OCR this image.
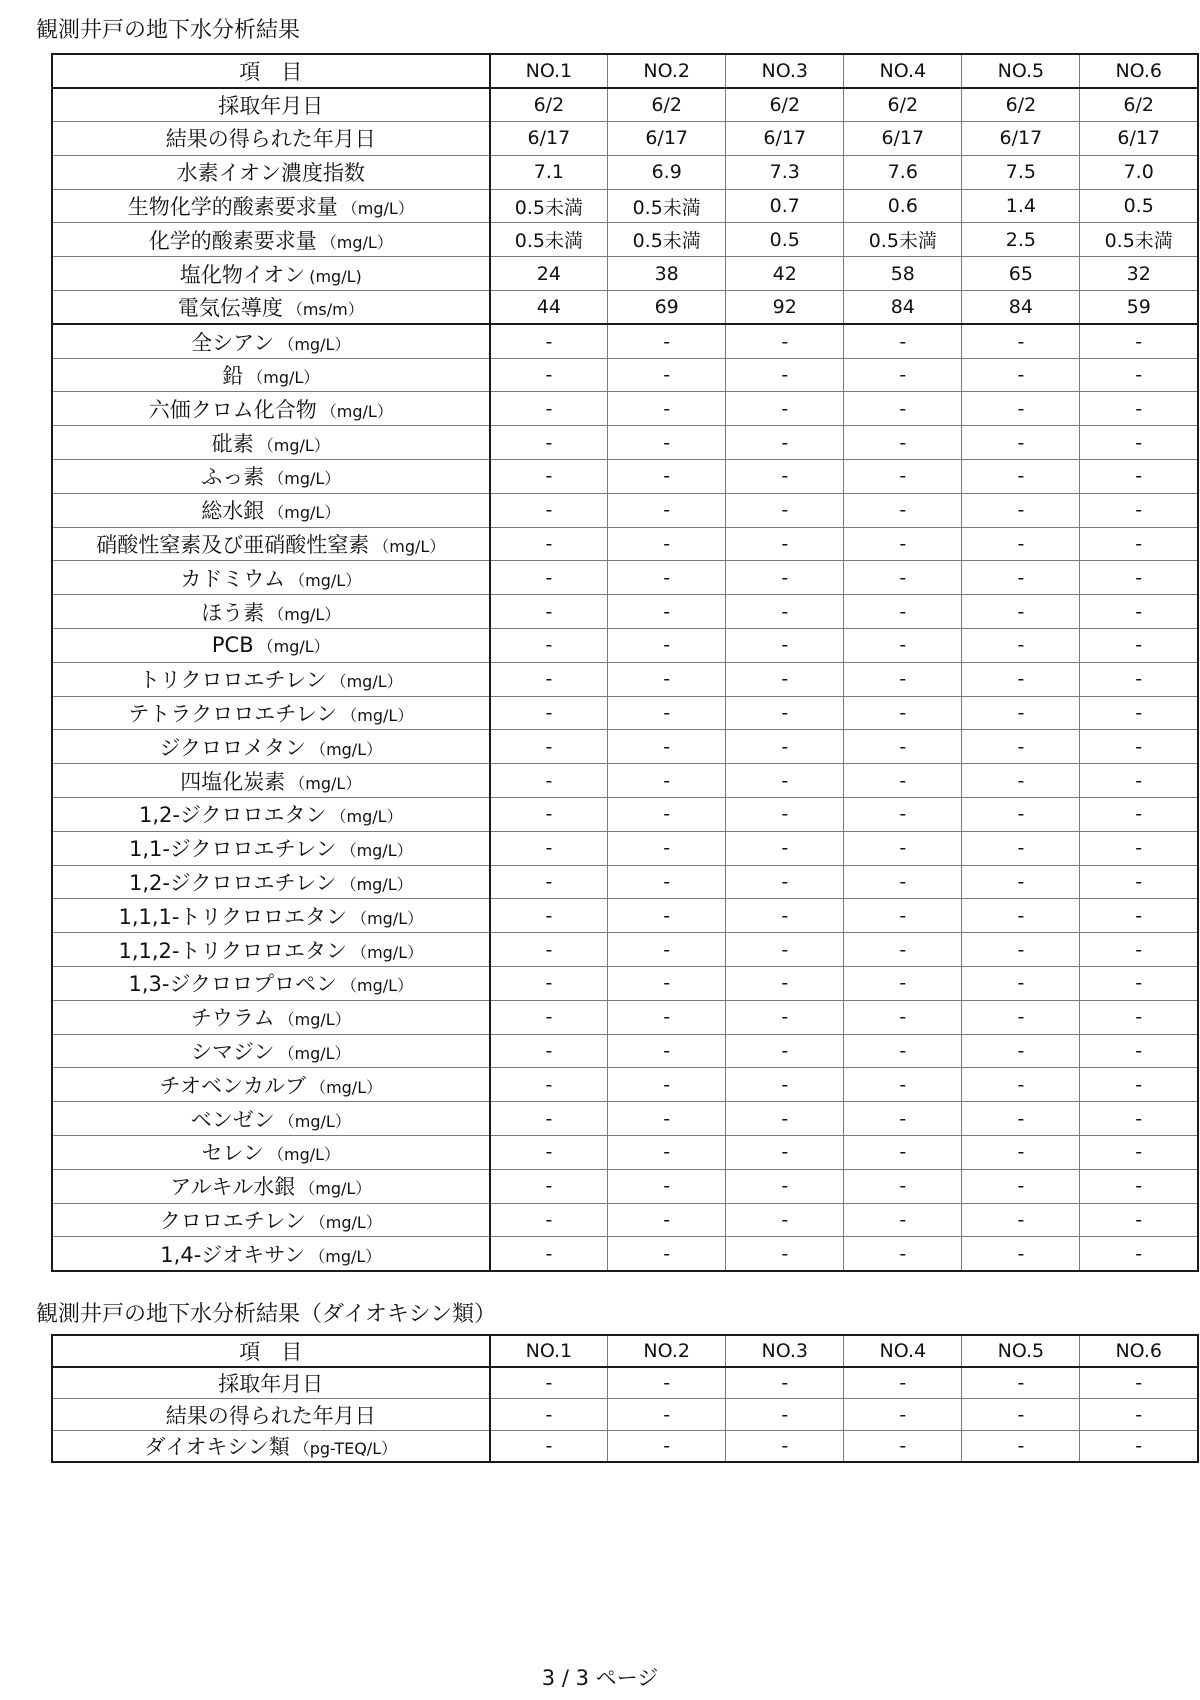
観測井戸の地下水分析結果
項　目	NO.1	NO.2	NO.3	NO.4	NO.5	NO.6
採取年月日	6/2	6/2	6/2	6/2	6/2	6/2
結果の得られた年月日	6/17	6/17	6/17	6/17	6/17	6/17
水素イオン濃度指数	7.1	6.9	7.3	7.6	7.5	7.0
生物化学的酸素要求量 （mg/L）	0.5未満	0.5未満	0.7	0.6	1.4	0.5
化学的酸素要求量 （mg/L）	0.5未満	0.5未満	0.5	0.5未満	2.5	0.5未満
塩化物イオン (mg/L)	24	38	42	58	65	32
電気伝導度 （ms/m）	44	69	92	84	84	59
全シアン （mg/L）	-	-	-	-	-	-
鉛 （mg/L）	-	-	-	-	-	-
六価クロム化合物 （mg/L）	-	-	-	-	-	-
砒素 （mg/L）	-	-	-	-	-	-
ふっ素 （mg/L）	-	-	-	-	-	-
総水銀 （mg/L）	-	-	-	-	-	-
硝酸性窒素及び亜硝酸性窒素 （mg/L）	-	-	-	-	-	-
カドミウム （mg/L）	-	-	-	-	-	-
ほう素 （mg/L）	-	-	-	-	-	-
PCB （mg/L）	-	-	-	-	-	-
トリクロロエチレン （mg/L）	-	-	-	-	-	-
テトラクロロエチレン （mg/L）	-	-	-	-	-	-
ジクロロメタン （mg/L）	-	-	-	-	-	-
四塩化炭素 （mg/L）	-	-	-	-	-	-
1,2-ジクロロエタン （mg/L）	-	-	-	-	-	-
1,1-ジクロロエチレン （mg/L）	-	-	-	-	-	-
1,2-ジクロロエチレン （mg/L）	-	-	-	-	-	-
1,1,1-トリクロロエタン （mg/L）	-	-	-	-	-	-
1,1,2-トリクロロエタン （mg/L）	-	-	-	-	-	-
1,3-ジクロロプロペン （mg/L）	-	-	-	-	-	-
チウラム （mg/L）	-	-	-	-	-	-
シマジン （mg/L）	-	-	-	-	-	-
チオベンカルブ （mg/L）	-	-	-	-	-	-
ベンゼン （mg/L）	-	-	-	-	-	-
セレン （mg/L）	-	-	-	-	-	-
アルキル水銀 （mg/L）	-	-	-	-	-	-
クロロエチレン （mg/L）	-	-	-	-	-	-
1,4-ジオキサン （mg/L）	-	-	-	-	-	-
観測井戸の地下水分析結果（ダイオキシン類）
項　目	NO.1	NO.2	NO.3	NO.4	NO.5	NO.6
採取年月日	-	-	-	-	-	-
結果の得られた年月日	-	-	-	-	-	-
ダイオキシン類 （pg-TEQ/L）	-	-	-	-	-	-
3 / 3 ページ
